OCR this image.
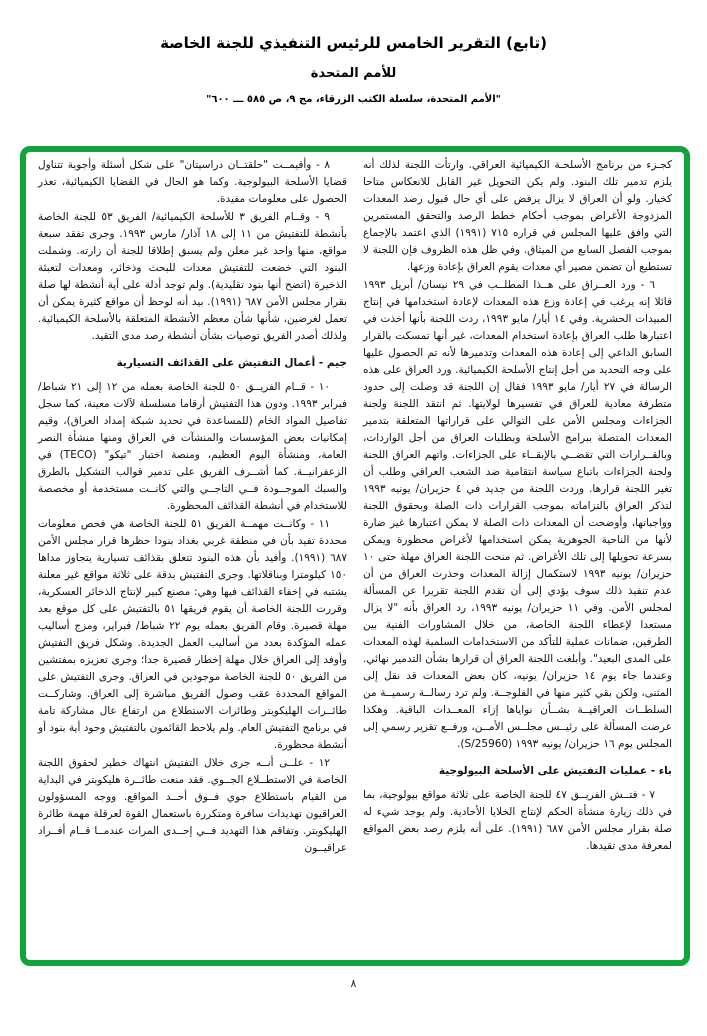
(تابع) التقرير الخامس للرئيس التنفيذي للجنة الخاصة
للأمم المتحدة
"الأمم المتحدة، سلسلة الكتب الزرقاء، مج ٩، ص ٥٨٥ ـــ ٦٠٠"

كجـزء من برنامج الأسلحـة الكيميائية العراقي. وارتأت اللجنة لذلك أنه يلزم تدمير تلك البنود. ولم يكن التحويل غير القابل للانعكاس متاحا كخيار. ولو أن العراق لا يزال يرفض على أي حال قبول رصد المعدات المزدوجة الأغراض بموجب أحكام خطط الرصد والتحقق المستمرين التي وافق عليها المجلس في قراره ٧١٥ (١٩٩١) الذي اعتمد بالإجماع بموجب الفصل السابع من الميثاق. وفي ظل هذه الظروف فإن اللجنة لا تستطيع أن تضمن مصير أي معدات يقوم العراق بإعادة وزعها.

٦ - ورد العــراق على هــذا المطلــب في ٢٩ نيسان/ أبريل ١٩٩٣ قائلا إنه يرغب في إعادة وزع هذه المعدات لإعادة استخدامها في إنتاج المبيدات الحشرية. وفي ١٤ أيار/ مايو ١٩٩٣، ردت اللجنة بأنها أخذت في اعتبارها طلب العراق بإعادة استخدام المعدات، غير أنها تمسكت بالقرار السابق الداعي إلى إعادة هذه المعدات وتدميرها لأنه تم الحصول عليها على وجه التحديد من أجل إنتاج الأسلحة الكيميائية. ورد العراق على هذه الرسالة في ٢٧ أيار/ مايو ١٩٩٣ فقال إن اللجنة قد وصلت إلى حدود متطرفة معادية للعراق في تفسيرها لولايتها. ثم انتقد اللجنة ولجنة الجزاءات ومجلس الأمن على التوالي على قراراتها المتعلقة بتدمير المعدات المتصلة ببرامج الأسلحة وبطلبات العراق من أجل الواردات، وبالقــرارات التي تقضــي بالإبقــاء على الجزاءات. واتهم العراق اللجنة ولجنة الجزاءات باتباع سياسة انتقامية ضد الشعب العراقي وطلب أن تغير اللجنة قرارها. وردت اللجنة من جديد في ٤ حزيران/ يونيه ١٩٩٣ لتذكر العراق بالتزاماته بموجب القرارات ذات الصلة وبحقوق اللجنة وواجباتها، وأوضحت أن المعدات ذات الصلة لا يمكن اعتبارها غير ضارة لأنها من الناحية الجوهرية يمكن استخدامها لأغراض محظورة ويمكن بسرعة تحويلها إلى تلك الأغراض. ثم منحت اللجنة العراق مهلة حتى ١٠ حزيران/ يونيه ١٩٩٣ لاستكمال إزالة المعدات وحذرت العراق من أن عدم تنفيذ ذلك سوف يؤدي إلى أن تقدم اللجنة تقريرا عن المسألة لمجلس الأمن. وفي ١١ حزيران/ يونيه ١٩٩٣، رد العراق بأنه "لا يزال مستعدا لإعطاء اللجنة الخاصة، من خلال المشاورات الفنية بين الطرفين، ضمانات عملية للتأكد من الاستخدامات السلمية لهذه المعدات على المدى البعيد". وأبلغت اللجنة العراق أن قرارها بشأن التدمير نهائي. وعندما جاء يوم ١٤ حزيران/ يونيه، كان بعض المعدات قد نقل إلى المثنى، ولكن بقي كثير منها في الفلوجــة. ولم ترد رسالــة رسميــة من السلطــات العراقيــة بشــأن نواياها إزاء المعــدات الباقية. وهكذا عرضت المسألة على رئيــس مجلــس الأمــن، ورفــع تقرير رسمي إلى المجلس يوم ١٦ حزيران/ يونيه ١٩٩٣ (S/25960).

باء - عمليات التفتيش على الأسلحة البيولوجية

٧ - فتــش الفريــق ٤٧ للجنة الخاصة على ثلاثة مواقع بيولوجية، بما في ذلك زيارة منشأة الحكم لإنتاج الخلايا الأحادية. ولم يوجد شيء له صلة بقرار مجلس الأمن ٦٨٧ (١٩٩١). على أنه يلزم رصد بعض المواقع لمعرفة مدى تقيدها.

٨ - وأقيمــت "حلقتــان دراسيتان" على شكل أسئلة وأجوبة تتناول قضايا الأسلحة البيولوجية. وكما هو الحال في القضايا الكيميائية، تعذر الحصول على معلومات مفيدة.

٩ - وقــام الفريق ٣ للأسلحة الكيميائية/ الفريق ٥٣ للجنة الخاصة بأنشطة للتفتيش من ١١ إلى ١٨ آذار/ مارس ١٩٩٣. وجرى تفقد سبعة مواقع، منها واحد غير معلن ولم يسبق إطلاقا للجنة أن زارته. وشملت البنود التي خضعت للتفتيش معدات للبحث وذخائر، ومعدات لتعبئة الذخيرة (اتضح أنها بنود تقليدية). ولم توجد أدلة على أية أنشطة لها صلة بقرار مجلس الأمن ٦٨٧ (١٩٩١). بيد أنه لوحظ أن مواقع كثيرة يمكن أن تعمل لغرضين، شأنها شأن معظم الأنشطة المتعلقة بالأسلحة الكيميائية. ولذلك أصدر الفريق توصيات بشأن أنشطة رصد مدى التقيد.

جيم - أعمال التفتيش على القذائف التسيارية

١٠ - قــام الفريــق ٥٠ للجنة الخاصة بعمله من ١٢ إلى ٢١ شباط/ فبراير ١٩٩٣. ودون هذا التفتيش أرقاما مسلسلة لآلات معينة، كما سجل تفاصيل المواد الخام (للمساعدة في تحديد شبكة إمداد العراق)، وقيم إمكانيات بعض المؤسسات والمنشآت في العراق ومنها منشأة النصر العامة، ومنشأة اليوم العظيم، ومنصة اختبار "تيكو" (TECO) في الزعفرانيــة. كما أشــرف الفريق على تدمير قوالب التشكيل بالطرق والسبك الموجــودة فــي التاجــي والتي كانــت مستخدمة أو مخصصة للاستخدام في أنشطة القذائف المحظورة.

١١ - وكانــت مهمــة الفريق ٥١ للجنة الخاصة هي فحص معلومات محددة تفيد بأن في منطقة غربي بغداد بنودا حظرها قرار مجلس الأمن ٦٨٧ (١٩٩١). وأفيد بأن هذه البنود تتعلق بقذائف تسيارية يتجاوز مداها ١٥٠ كيلومترا وبناقلاتها. وجرى التفتيش بدقة على ثلاثة مواقع غير معلنة يشتبه في إخفاء القذائف فيها وهي: مصنع كبير لإنتاج الذخائر العسكرية، وقررت اللجنة الخاصة أن يقوم فريقها ٥١ بالتفتيش على كل موقع بعد مهلة قصيرة. وقام الفريق بعمله يوم ٢٢ شباط/ فبراير، ومزج أساليب عمله المؤكدة بعدد من أساليب العمل الجديدة. وشكل فريق التفتيش وأوفد إلى العراق خلال مهلة إخطار قصيرة جدا؛ وجرى تعزيزه بمفتشين من الفريق ٥٠ للجنة الخاصة موجودين في العراق. وجرى التفتيش على المواقع المحددة عقب وصول الفريق مباشرة إلى العراق. وشاركــت طائــرات الهليكوبتر وطائرات الاستطلاع من ارتفاع عال مشاركة تامة في برنامج التفتيش العام. ولم يلاحظ القائمون بالتفتيش وجود أية بنود أو أنشطة محظورة.

١٢ - علــى أنــه جرى خلال التفتيش انتهاك خطير لحقوق اللجنة الخاصة في الاستطــلاع الجــوي. فقد منعت طائــرة هليكوبتر في البداية من القيام باستطلاع جوي فــوق أحــد المواقع. ووجه المسؤولون العراقيون تهديدات سافرة ومتكررة باستعمال القوة لعرقلة مهمة طائرة الهليكوبتر. وتفاقم هذا التهديد فــي إحــدى المرات عندمــا قــام أفــراد عراقيــون

٨
